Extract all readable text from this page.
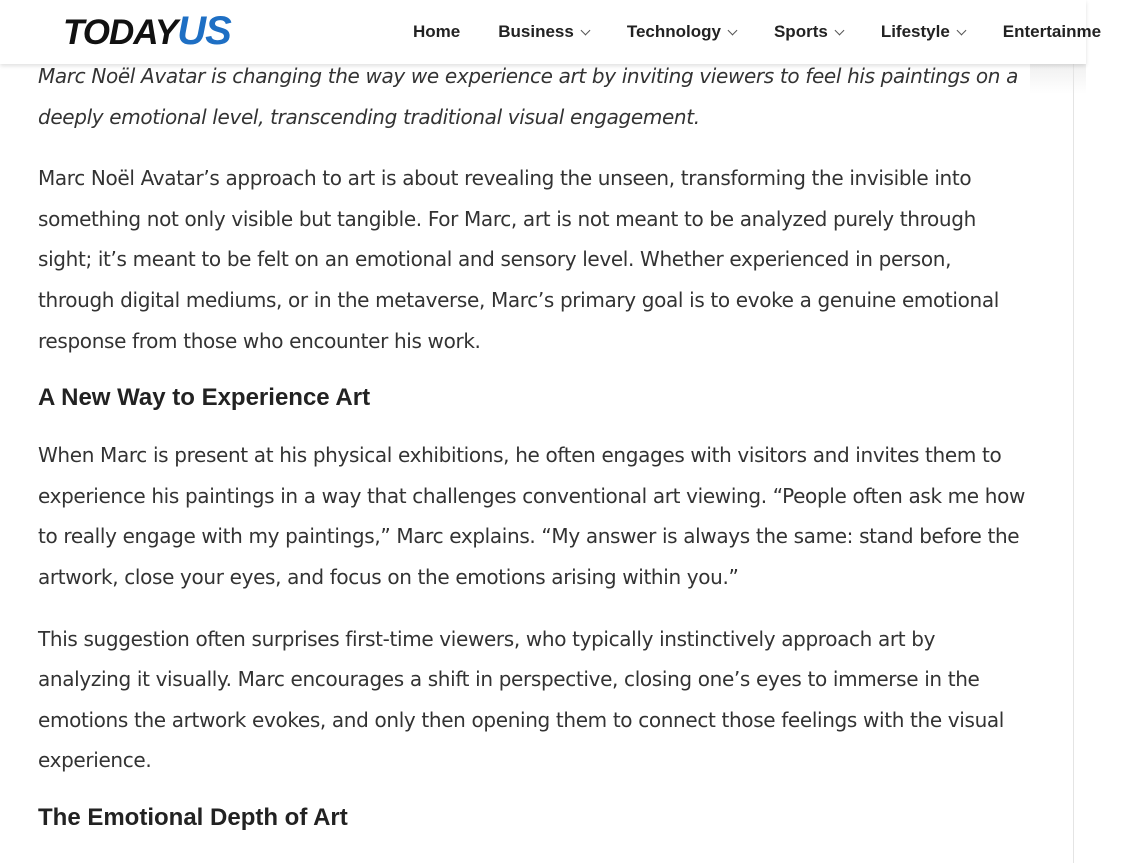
TODAYUS	Home Business	Technology	Sports	Lifestyle	Entertainme

Marc Noël Avatar is changing the way we experience art by inviting viewers to feel his paintings on a deeply emotional level, transcending traditional visual engagement.

Marc Noël Avatar’s approach to art is about revealing the unseen, transforming the invisible into something not only visible but tangible. For Marc, art is not meant to be analyzed purely through sight; it’s meant to be felt on an emotional and sensory level. Whether experienced in person, through digital mediums, or in the metaverse, Marc’s primary goal is to evoke a genuine emotional response from those who encounter his work.

A New Way to Experience Art

When Marc is present at his physical exhibitions, he often engages with visitors and invites them to experience his paintings in a way that challenges conventional art viewing. “People often ask me how to really engage with my paintings,” Marc explains. “My answer is always the same: stand before the artwork, close your eyes, and focus on the emotions arising within you.”

This suggestion often surprises first-time viewers, who typically instinctively approach art by analyzing it visually. Marc encourages a shift in perspective, closing one’s eyes to immerse in the emotions the artwork evokes, and only then opening them to connect those feelings with the visual experience.

The Emotional Depth of Art
